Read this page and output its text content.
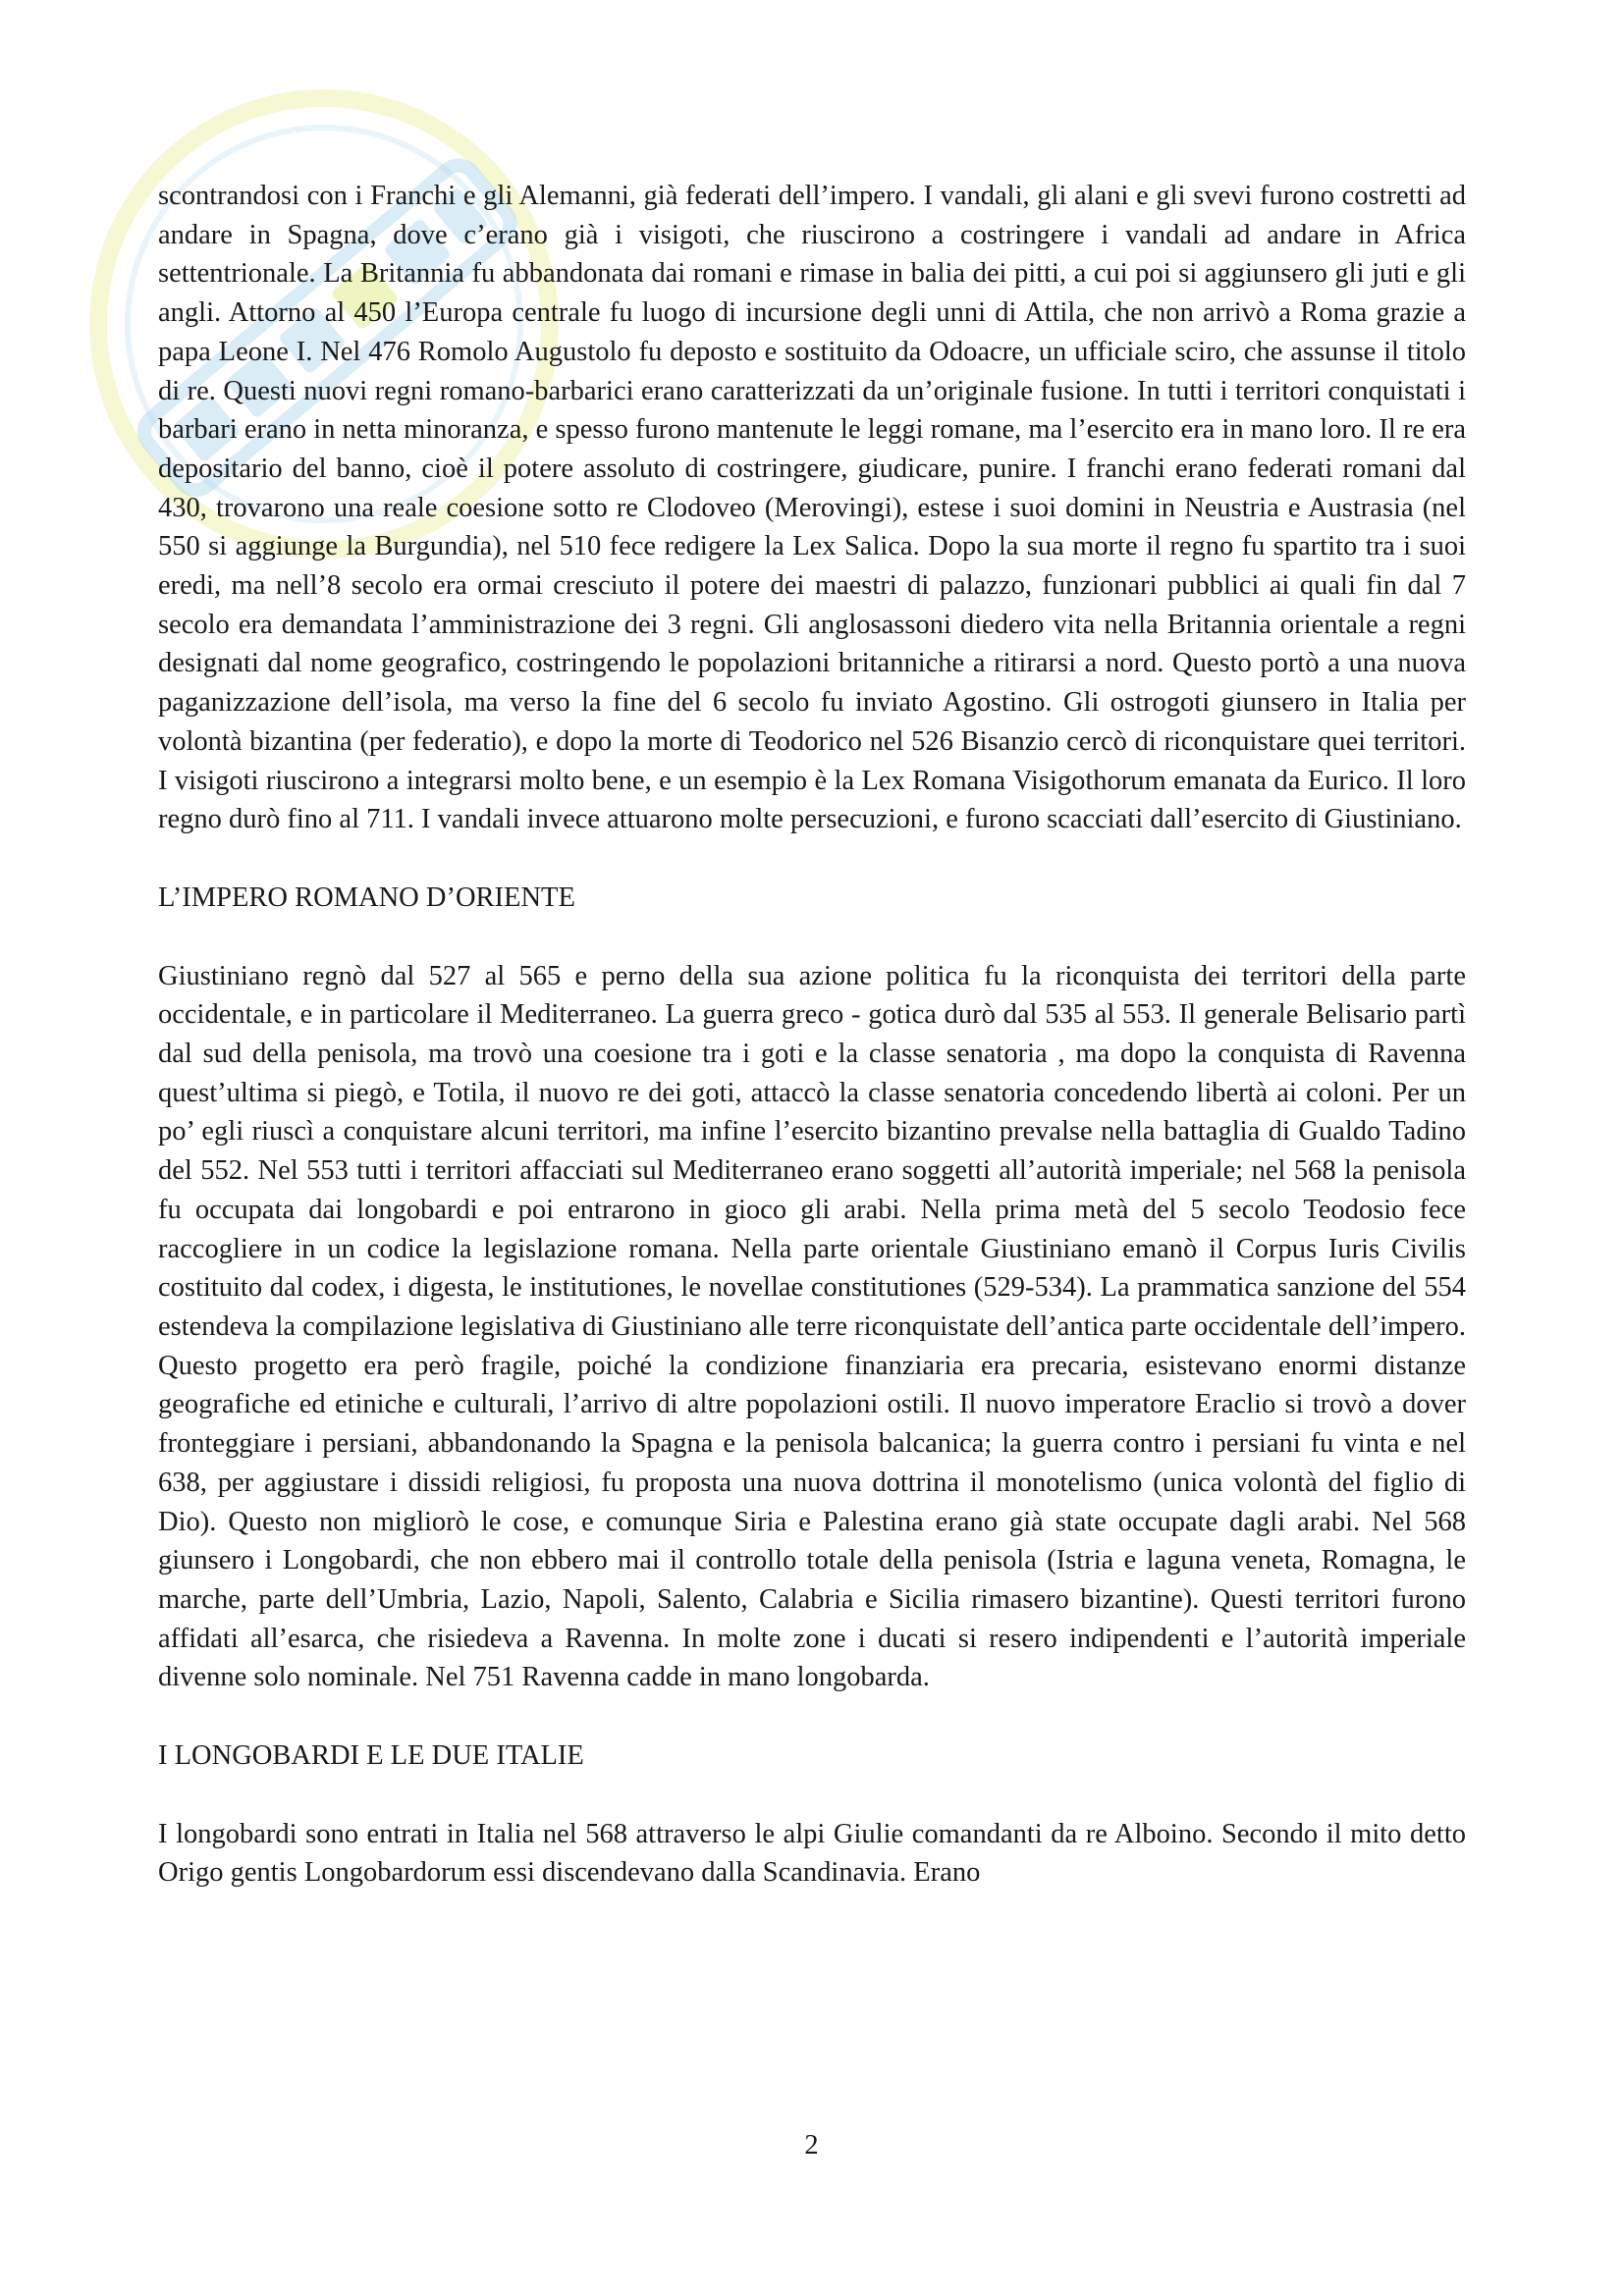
scontrandosi con i Franchi e gli Alemanni, già federati dell’impero. I vandali, gli alani e gli svevi furono costretti ad andare in Spagna, dove c’erano già i visigoti, che riuscirono a costringere i vandali ad andare in Africa settentrionale. La Britannia fu abbandonata dai romani e rimase in balia dei pitti, a cui poi si aggiunsero gli juti e gli angli. Attorno al 450 l’Europa centrale fu luogo di incursione degli unni di Attila, che non arrivò a Roma grazie a papa Leone I. Nel 476 Romolo Augustolo fu deposto e sostituito da Odoacre, un ufficiale sciro, che assunse il titolo di re. Questi nuovi regni romano-barbarici erano caratterizzati da un’originale fusione. In tutti i territori conquistati i barbari erano in netta minoranza, e spesso furono mantenute le leggi romane, ma l’esercito era in mano loro. Il re era depositario del banno, cioè il potere assoluto di costringere, giudicare, punire. I franchi erano federati romani dal 430, trovarono una reale coesione sotto re Clodoveo (Merovingi), estese i suoi domini in Neustria e Austrasia (nel 550 si aggiunge la Burgundia), nel 510 fece redigere la Lex Salica. Dopo la sua morte il regno fu spartito tra i suoi eredi, ma nell’8 secolo era ormai cresciuto il potere dei maestri di palazzo, funzionari pubblici ai quali fin dal 7 secolo era demandata l’amministrazione dei 3 regni. Gli anglosassoni diedero vita nella Britannia orientale a regni designati dal nome geografico, costringendo le popolazioni britanniche a ritirarsi a nord. Questo portò a una nuova paganizzazione dell’isola, ma verso la fine del 6 secolo fu inviato Agostino. Gli ostrogoti giunsero in Italia per volontà bizantina (per federatio), e dopo la morte di Teodorico nel 526 Bisanzio cercò di riconquistare quei territori. I visigoti riuscirono a integrarsi molto bene, e un esempio è la Lex Romana Visigothorum emanata da Eurico. Il loro regno durò fino al 711. I vandali invece attuarono molte persecuzioni, e furono scacciati dall’esercito di Giustiniano.

L’IMPERO ROMANO D’ORIENTE

Giustiniano regnò dal 527 al 565 e perno della sua azione politica fu la riconquista dei territori della parte occidentale, e in particolare il Mediterraneo. La guerra greco - gotica durò dal 535 al 553. Il generale Belisario partì dal sud della penisola, ma trovò una coesione tra i goti e la classe senatoria , ma dopo la conquista di Ravenna quest’ultima si piegò, e Totila, il nuovo re dei goti, attaccò la classe senatoria concedendo libertà ai coloni. Per un po’ egli riuscì a conquistare alcuni territori, ma infine l’esercito bizantino prevalse nella battaglia di Gualdo Tadino del 552. Nel 553 tutti i territori affacciati sul Mediterraneo erano soggetti all’autorità imperiale; nel 568 la penisola fu occupata dai longobardi e poi entrarono in gioco gli arabi. Nella prima metà del 5 secolo Teodosio fece raccogliere in un codice la legislazione romana. Nella parte orientale Giustiniano emanò il Corpus Iuris Civilis costituito dal codex, i digesta, le institutiones, le novellae constitutiones (529-534). La prammatica sanzione del 554 estendeva la compilazione legislativa di Giustiniano alle terre riconquistate dell’antica parte occidentale dell’impero. Questo progetto era però fragile, poiché la condizione finanziaria era precaria, esistevano enormi distanze geografiche ed etiniche e culturali, l’arrivo di altre popolazioni ostili. Il nuovo imperatore Eraclio si trovò a dover fronteggiare i persiani, abbandonando la Spagna e la penisola balcanica; la guerra contro i persiani fu vinta e nel 638, per aggiustare i dissidi religiosi, fu proposta una nuova dottrina il monotelismo (unica volontà del figlio di Dio). Questo non migliorò le cose, e comunque Siria e Palestina erano già state occupate dagli arabi. Nel 568 giunsero i Longobardi, che non ebbero mai il controllo totale della penisola (Istria e laguna veneta, Romagna, le marche, parte dell’Umbria, Lazio, Napoli, Salento, Calabria e Sicilia rimasero bizantine). Questi territori furono affidati all’esarca, che risiedeva a Ravenna. In molte zone i ducati si resero indipendenti e l’autorità imperiale divenne solo nominale. Nel 751 Ravenna cadde in mano longobarda.

I LONGOBARDI E LE DUE ITALIE

I longobardi sono entrati in Italia nel 568 attraverso le alpi Giulie comandanti da re Alboino. Secondo il mito detto Origo gentis Longobardorum essi discendevano dalla Scandinavia. Erano

2
